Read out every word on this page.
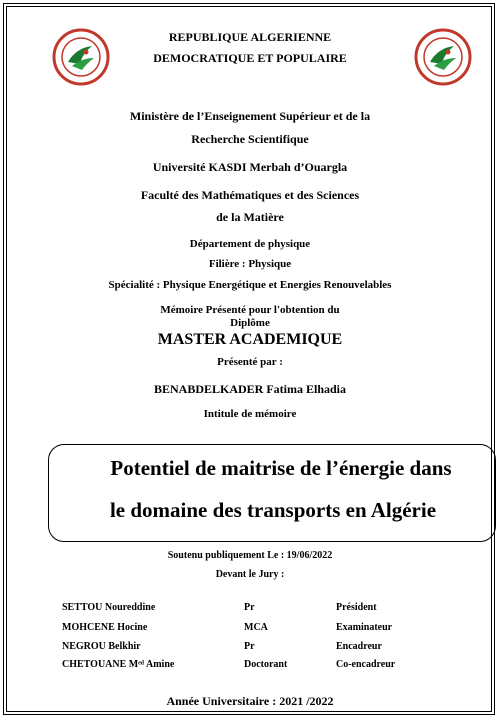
REPUBLIQUE ALGERIENNE
DEMOCRATIQUE ET POPULAIRE
Ministère de l’Enseignement Supérieur et de la
Recherche Scientifique
Université KASDI Merbah d’Ouargla
Faculté des Mathématiques et des Sciences
de la Matière
Département de physique
Filière : Physique
Spécialité : Physique Energétique et Energies Renouvelables
Mémoire Présenté pour l'obtention du
Diplôme
MASTER ACADEMIQUE
Présenté par :
BENABDELKADER Fatima Elhadia
Intitule de mémoire
Potentiel de maitrise de l’énergie dans
le domaine des transports en Algérie
Soutenu publiquement Le : 19/06/2022
Devant le Jury :
SETTOU Noureddine	Pr	Président
MOHCENE Hocine	MCA	Examinateur
NEGROU Belkhir	Pr	Encadreur
CHETOUANE Mᵉᵈ Amine	Doctorant	Co-encadreur
Année Universitaire : 2021 /2022
